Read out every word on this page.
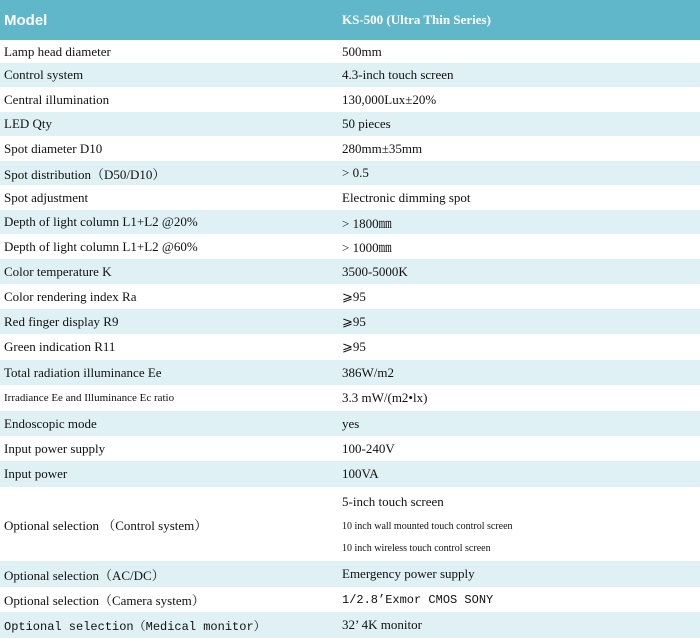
Model	KS-500 (Ultra Thin Series)
Lamp head diameter	500mm
Control system	4.3-inch touch screen
Central illumination	130,000Lux±20%
LED Qty	50 pieces
Spot diameter D10	280mm±35mm
Spot distribution（D50/D10）	> 0.5
Spot adjustment	Electronic dimming spot
Depth of light column L1+L2 @20%	> 1800㎜
Depth of light column L1+L2 @60%	> 1000㎜
Color temperature K	3500-5000K
Color rendering index Ra	⩾95
Red finger display R9	⩾95
Green indication R11	⩾95
Total radiation illuminance Ee	386W/m2
Irradiance Ee and Illuminance Ec ratio	3.3 mW/(m2•lx)
Endoscopic mode	yes
Input power supply	100-240V
Input power	100VA
Optional selection （Control system）
5-inch touch screen
10 inch wall mounted touch control screen
10 inch wireless touch control screen
Optional selection（AC/DC）	Emergency power supply
Optional selection（Camera system）	1/2.8’Exmor CMOS SONY
Optional selection（Medical monitor）	32’ 4K monitor
